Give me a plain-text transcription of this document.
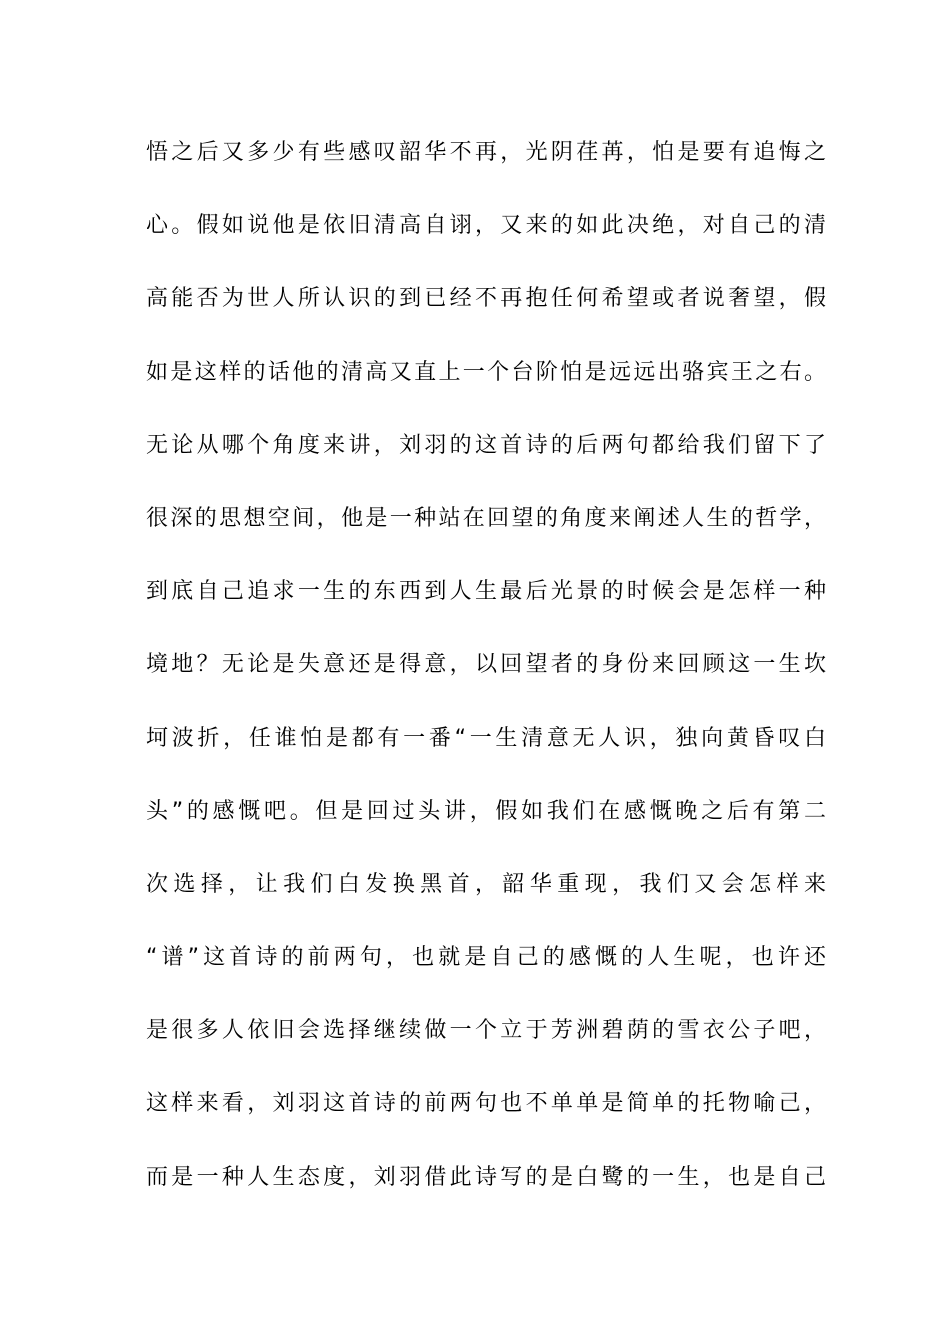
悟之后又多少有些感叹韶华不再，光阴荏苒，怕是要有追悔之
心。假如说他是依旧清高自诩，又来的如此决绝，对自己的清
高能否为世人所认识的到已经不再抱任何希望或者说奢望，假
如是这样的话他的清高又直上一个台阶怕是远远出骆宾王之右。
无论从哪个角度来讲，刘羽的这首诗的后两句都给我们留下了
很深的思想空间，他是一种站在回望的角度来阐述人生的哲学，
到底自己追求一生的东西到人生最后光景的时候会是怎样一种
境地？无论是失意还是得意，以回望者的身份来回顾这一生坎
坷波折，任谁怕是都有一番“一生清意无人识，独向黄昏叹白
头”的感慨吧。但是回过头讲，假如我们在感慨晚之后有第二
次选择，让我们白发换黑首，韶华重现，我们又会怎样来
“谱”这首诗的前两句，也就是自己的感慨的人生呢，也许还
是很多人依旧会选择继续做一个立于芳洲碧荫的雪衣公子吧，
这样来看，刘羽这首诗的前两句也不单单是简单的托物喻己，
而是一种人生态度，刘羽借此诗写的是白鹭的一生，也是自己
